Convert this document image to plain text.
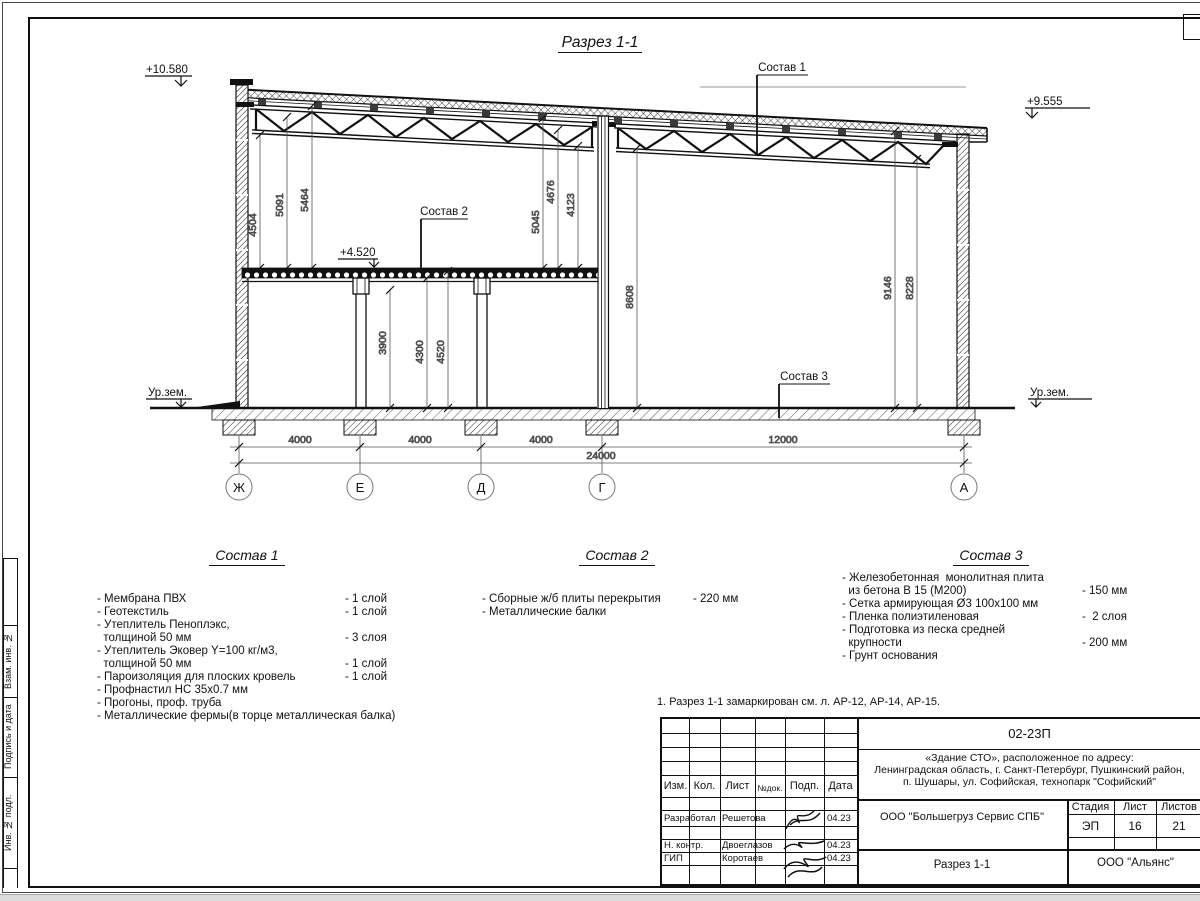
Взам. инв. №
Подпись и дата
Инв. № подл.
Разрез 1-1
4504
5091 5464
5045
4676
4123
8608	9146 8228
3900 4300 4520
4000	4000	4000	12000
24000
Ж	Е	Д	Г	А
+10.580
+9.555
+4.520
Ур.зем.	Ур.зем.
Состав 1
Состав 2
Состав 3
Состав 1
- Мембрана ПВХ	- 1 слой
- Геотекстиль	- 1 слой
- Утеплитель Пеноплэкс,
толщиной 50 мм	- 3 слоя
- Утеплитель Эковер Y=100 кг/м3,
толщиной 50 мм	- 1 слой
- Пароизоляция для плоских кровель	- 1 слой
- Профнастил НС 35х0.7 мм
- Прогоны, проф. труба
- Металлические фермы(в торце металлическая балка)
Состав 2
- Сборные ж/б плиты перекрытия	- 220 мм
- Металлические балки
Состав 3
- Железобетонная  монолитная плита
из бетона В 15 (М200)	- 150 мм
- Сетка армирующая Ø3 100х100 мм
- Пленка полиэтиленовая	-  2 слоя
- Подготовка из песка средней
крупности	- 200 мм
- Грунт основания
1. Разрез 1-1 замаркирован см. л. АР-12, АР-14, АР-15.
Изм. Кол. Лист №док. Подп. Дата
Разработал Решетова	04.23
Н. контр. Двоеглазов	04.23
ГИП	Коротаев	04.23
02-23П
«Здание СТО», расположенное по адресу:
Ленинградская область, г. Санкт-Петербург, Пушкинский район,
п. Шушары, ул. Софийская, технопарк "Софийский"
ООО "Большегруз Сервис СПБ"
Стадия	Лист	Листов
ЭП	16	21
Разрез 1-1	ООО "Альянс"
